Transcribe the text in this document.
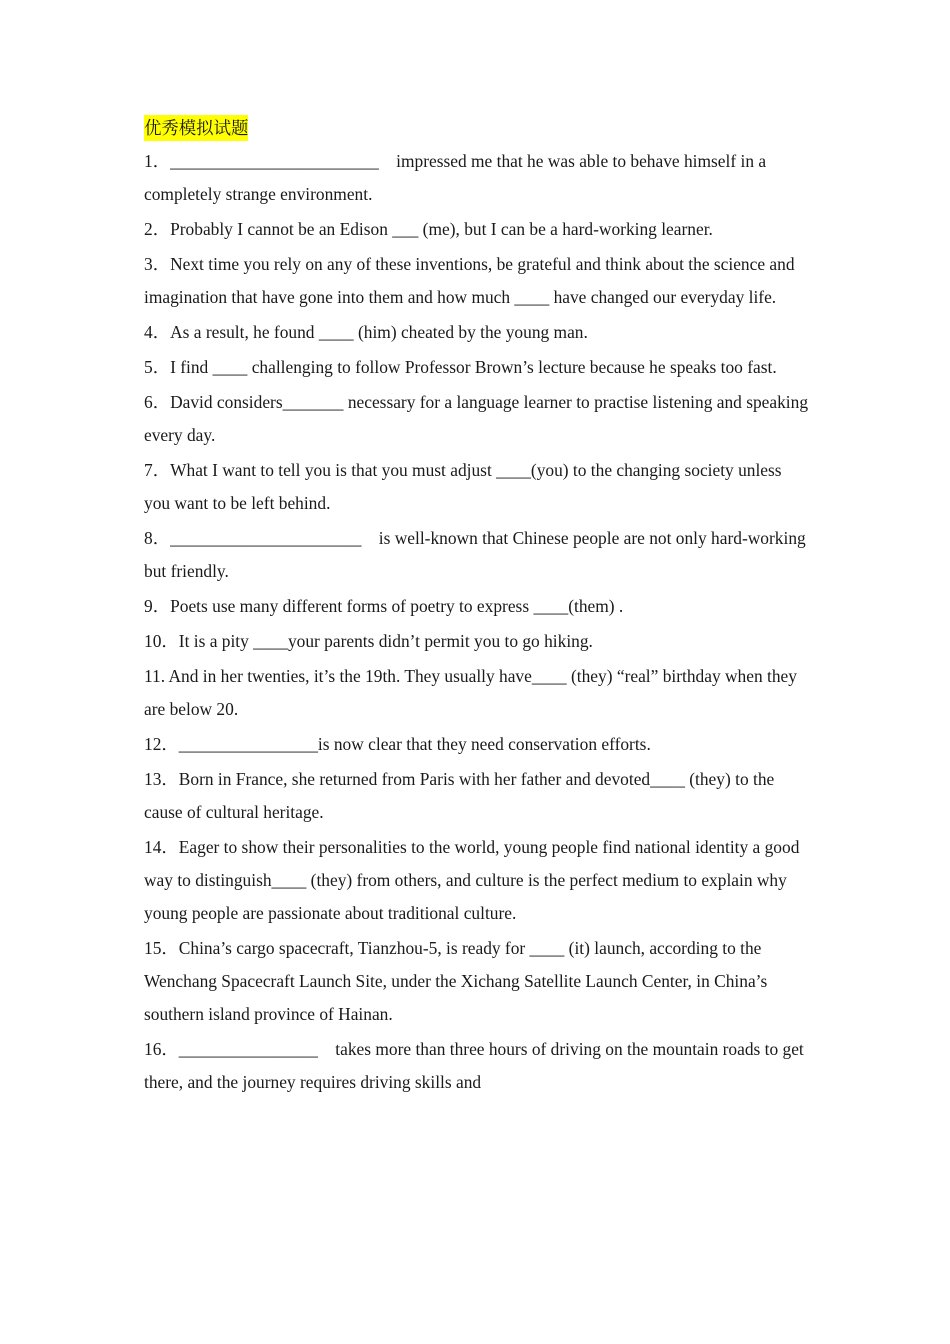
优秀模拟试题
1．________________________　impressed me that he was able to behave himself in a completely strange environment.
2．Probably I cannot be an Edison ___ (me), but I can be a hard-working learner.
3．Next time you rely on any of these inventions, be grateful and think about the science and imagination that have gone into them and how much ____ have changed our everyday life.
4．As a result, he found ____ (him) cheated by the young man.
5．I find ____ challenging to follow Professor Brown’s lecture because he speaks too fast.
6．David considers_______ necessary for a language learner to practise listening and speaking every day.
7．What I want to tell you is that you must adjust ____(you) to the changing society unless you want to be left behind.
8．______________________　is well-known that Chinese people are not only hard-working but friendly.
9．Poets use many different forms of poetry to express ____(them) .
10．It is a pity ____your parents didn’t permit you to go hiking.
11. And in her twenties, it’s the 19th. They usually have____ (they) “real” birthday when they are below 20.
12．________________is now clear that they need conservation efforts.
13．Born in France, she returned from Paris with her father and devoted____ (they) to the cause of cultural heritage.
14．Eager to show their personalities to the world, young people find national identity a good way to distinguish____ (they) from others, and culture is the perfect medium to explain why young people are passionate about traditional culture.
15．China’s cargo spacecraft, Tianzhou-5, is ready for ____ (it) launch, according to the Wenchang Spacecraft Launch Site, under the Xichang Satellite Launch Center, in China’s southern island province of Hainan.
16．________________　takes more than three hours of driving on the mountain roads to get there, and the journey requires driving skills and
